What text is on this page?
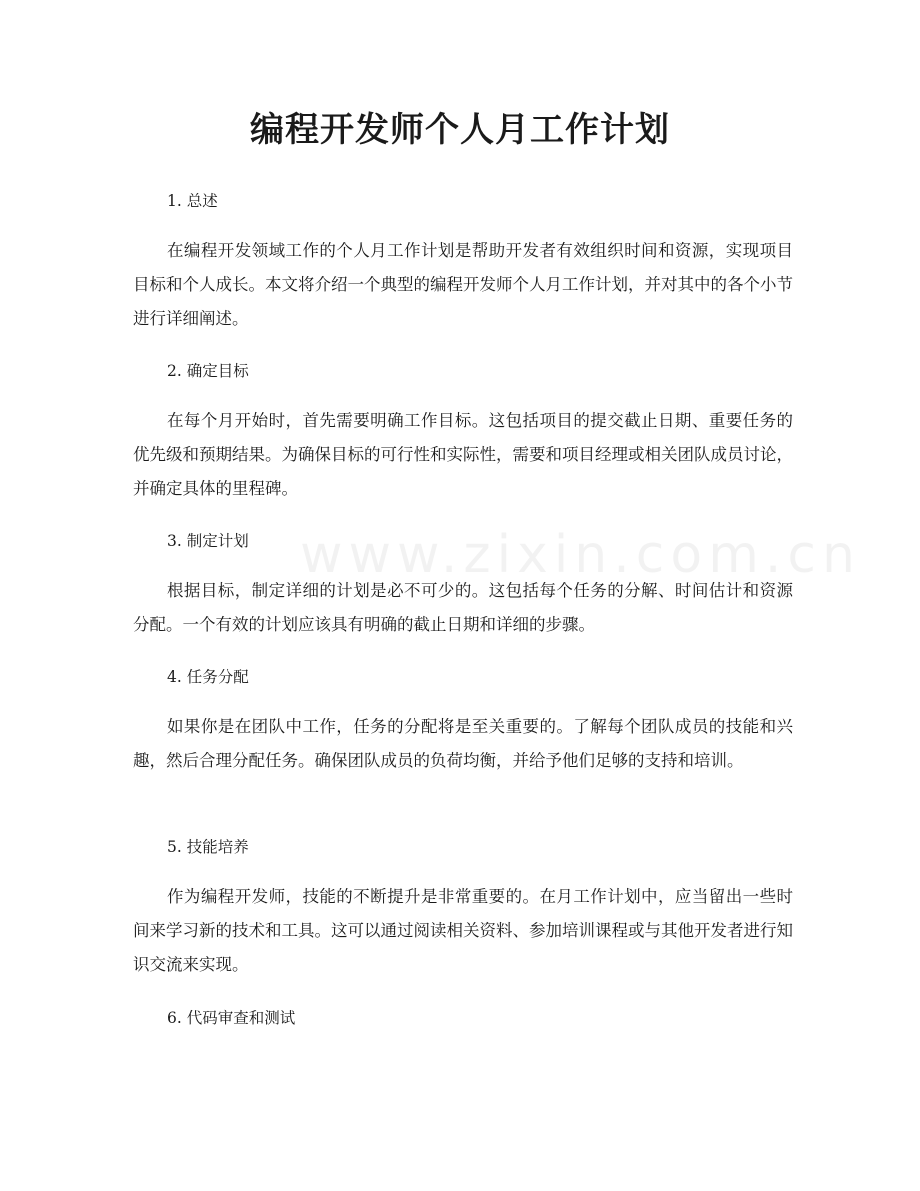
编程开发师个人月工作计划
www.zixin.com.cn

1. 总述

在编程开发领域工作的个人月工作计划是帮助开发者有效组织时间和资源，实现项目目标和个人成长。本文将介绍一个典型的编程开发师个人月工作计划，并对其中的各个小节进行详细阐述。

2. 确定目标

在每个月开始时，首先需要明确工作目标。这包括项目的提交截止日期、重要任务的优先级和预期结果。为确保目标的可行性和实际性，需要和项目经理或相关团队成员讨论，并确定具体的里程碑。

3. 制定计划

根据目标，制定详细的计划是必不可少的。这包括每个任务的分解、时间估计和资源分配。一个有效的计划应该具有明确的截止日期和详细的步骤。

4. 任务分配

如果你是在团队中工作，任务的分配将是至关重要的。了解每个团队成员的技能和兴趣，然后合理分配任务。确保团队成员的负荷均衡，并给予他们足够的支持和培训。

5. 技能培养

作为编程开发师，技能的不断提升是非常重要的。在月工作计划中，应当留出一些时间来学习新的技术和工具。这可以通过阅读相关资料、参加培训课程或与其他开发者进行知识交流来实现。

6. 代码审查和测试
